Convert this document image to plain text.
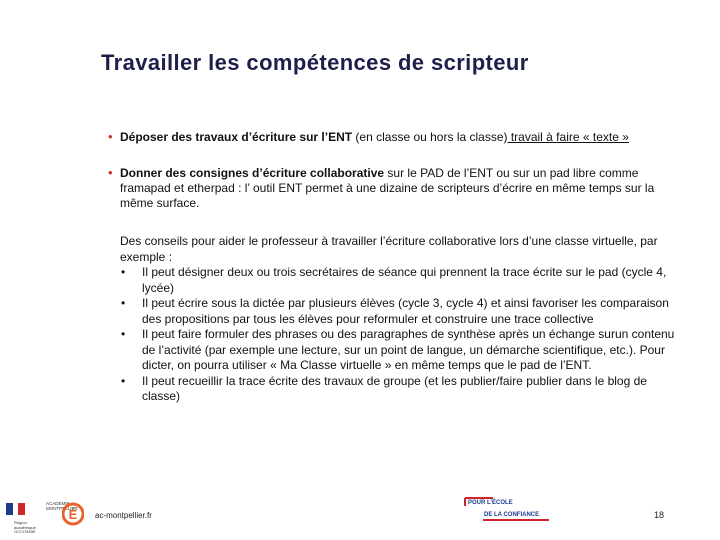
Travailler les compétences de scripteur
• Déposer des travaux d’écriture sur l’ENT (en classe ou hors la classe) travail à faire « texte »
• Donner des consignes d’écriture collaborative sur le PAD de l’ENT ou sur un pad libre comme framapad et etherpad : l’ outil ENT permet à une dizaine de scripteurs d’écrire en même temps sur la même surface.
Des conseils pour aider le professeur à travailler l’écriture collaborative lors d’une classe virtuelle, par exemple :
• Il peut désigner deux ou trois secrétaires de séance qui prennent la trace écrite sur le pad (cycle 4, lycée)
• Il peut écrire sous la dictée par plusieurs élèves (cycle 3, cycle 4) et ainsi favoriser les comparaison des propositions par tous les élèves pour reformuler et construire une trace collective
• Il peut faire formuler des phrases ou des paragraphes de synthèse après un échange surun contenu de l’activité (par exemple une lecture, sur un point de langue, un démarche scientifique, etc.). Pour dicter, on pourra utiliser « Ma Classe virtuelle » en même temps que le pad de l’ENT.
• Il peut recueillir la trace écrite des travaux de groupe (et les publier/faire publier dans le blog de classe)
Région académique OCCITANIE
ACADÉMIE MONTPELLIER
É ac-montpellier.fr
POUR L’ÉCOLE
DE LA CONFIANCE	18
